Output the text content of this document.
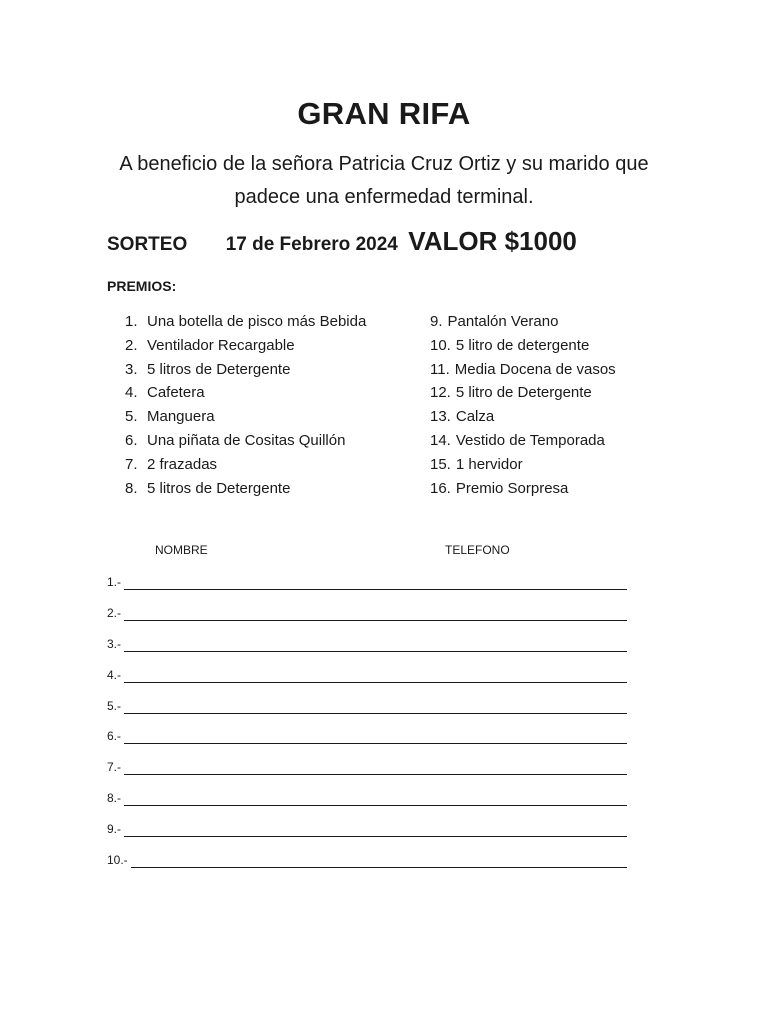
GRAN RIFA
A beneficio de la señora Patricia Cruz Ortiz y su marido que padece una enfermedad terminal.
SORTEO 17 de Febrero 2024 VALOR $1000
PREMIOS:
1. Una botella de pisco más Bebida
2. Ventilador Recargable
3. 5 litros de Detergente
4. Cafetera
5. Manguera
6. Una piñata de Cositas Quillón
7. 2 frazadas
8. 5 litros de Detergente
9. Pantalón Verano
10. 5 litro de detergente
11. Media Docena de vasos
12. 5 litro de Detergente
13. Calza
14. Vestido de Temporada
15. 1 hervidor
16. Premio Sorpresa
NOMBRE	TELEFONO
1.-
2.-
3.-
4.-
5.-
6.-
7.-
8.-
9.-
10.-
